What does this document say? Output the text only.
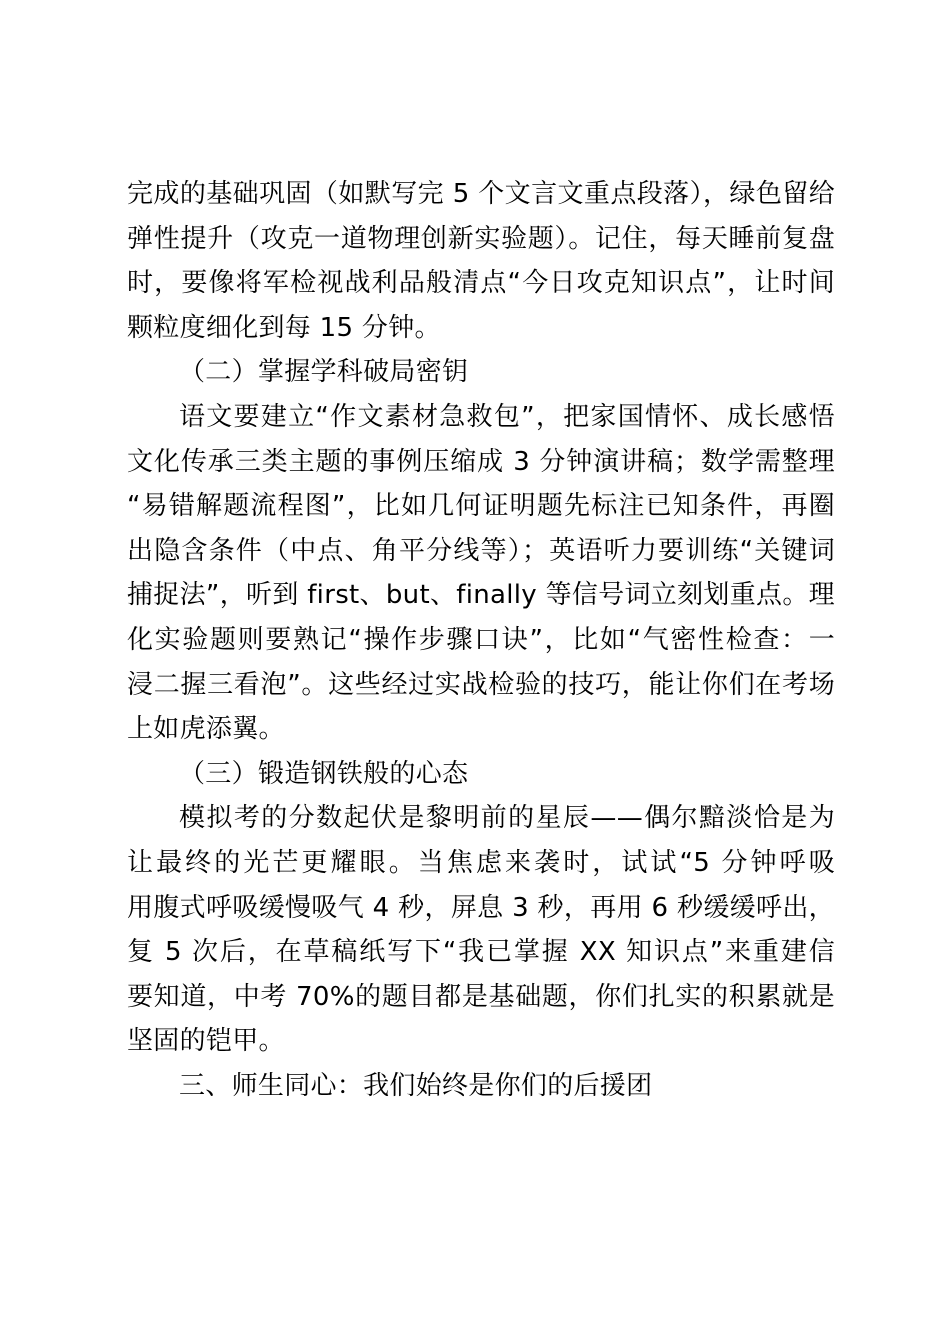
完成的基础巩固（如默写完 5 个文言文重点段落），绿色留给
弹性提升（攻克一道物理创新实验题）。记住，每天睡前复盘
时，要像将军检视战利品般清点“今日攻克知识点”，让时间
颗粒度细化到每 15 分钟。
（二）掌握学科破局密钥
语文要建立“作文素材急救包”，把家国情怀、成长感悟
文化传承三类主题的事例压缩成 3 分钟演讲稿；数学需整理
“易错解题流程图”，比如几何证明题先标注已知条件，再圈
出隐含条件（中点、角平分线等）；英语听力要训练“关键词
捕捉法”，听到 first、but、finally 等信号词立刻划重点。理
化实验题则要熟记“操作步骤口诀”，比如“气密性检查：一
浸二握三看泡”。这些经过实战检验的技巧，能让你们在考场
上如虎添翼。
（三）锻造钢铁般的心态
模拟考的分数起伏是黎明前的星辰——偶尔黯淡恰是为
让最终的光芒更耀眼。当焦虑来袭时，试试“5 分钟呼吸
用腹式呼吸缓慢吸气 4 秒，屏息 3 秒，再用 6 秒缓缓呼出，
复 5 次后，在草稿纸写下“我已掌握 XX 知识点”来重建信
要知道，中考 70%的题目都是基础题，你们扎实的积累就是
坚固的铠甲。
三、师生同心：我们始终是你们的后援团
